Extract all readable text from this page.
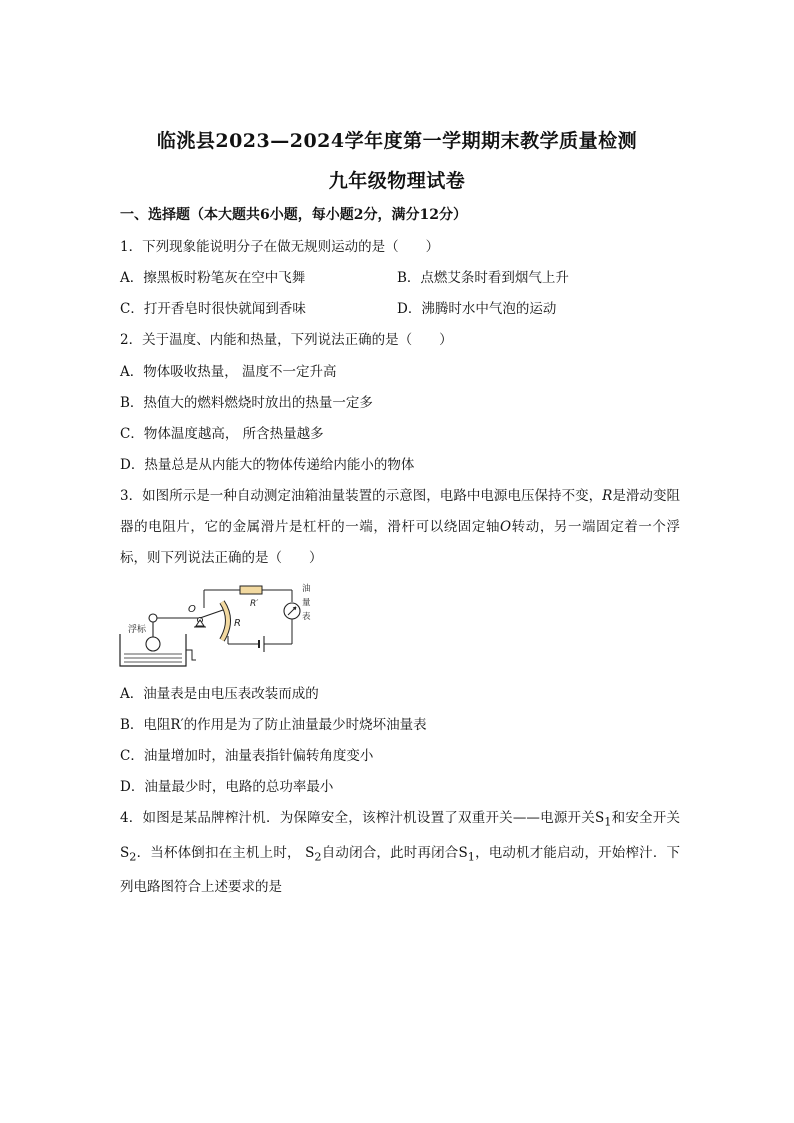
临洮县2023—2024学年度第一学期期末教学质量检测
九年级物理试卷
一、选择题（本大题共6小题，每小题2分，满分12分）
1．下列现象能说明分子在做无规则运动的是（　　）
A．擦黑板时粉笔灰在空中飞舞	B．点燃艾条时看到烟气上升
C．打开香皂时很快就闻到香味	D．沸腾时水中气泡的运动
2．关于温度、内能和热量，下列说法正确的是（　　）
A．物体吸收热量， 温度不一定升高
B．热值大的燃料燃烧时放出的热量一定多
C．物体温度越高， 所含热量越多
D．热量总是从内能大的物体传递给内能小的物体
3．如图所示是一种自动测定油箱油量装置的示意图，电路中电源电压保持不变，R是滑动变阻器的电阻片，它的金属滑片是杠杆的一端，滑杆可以绕固定轴O转动，另一端固定着一个浮标，则下列说法正确的是（　　）
浮标
O
R
R′
油
量
表
A．油量表是由电压表改装而成的
B．电阻R′的作用是为了防止油量最少时烧坏油量表
C．油量增加时，油量表指针偏转角度变小
D．油量最少时，电路的总功率最小
4．如图是某品牌榨汁机．为保障安全，该榨汁机设置了双重开关——电源开关$S_1$和安全开关$S_2$．当杯体倒扣在主机上时， $S_2$自动闭合，此时再闭合$S_1$，电动机才能启动，开始榨汁．下列电路图符合上述要求的是
